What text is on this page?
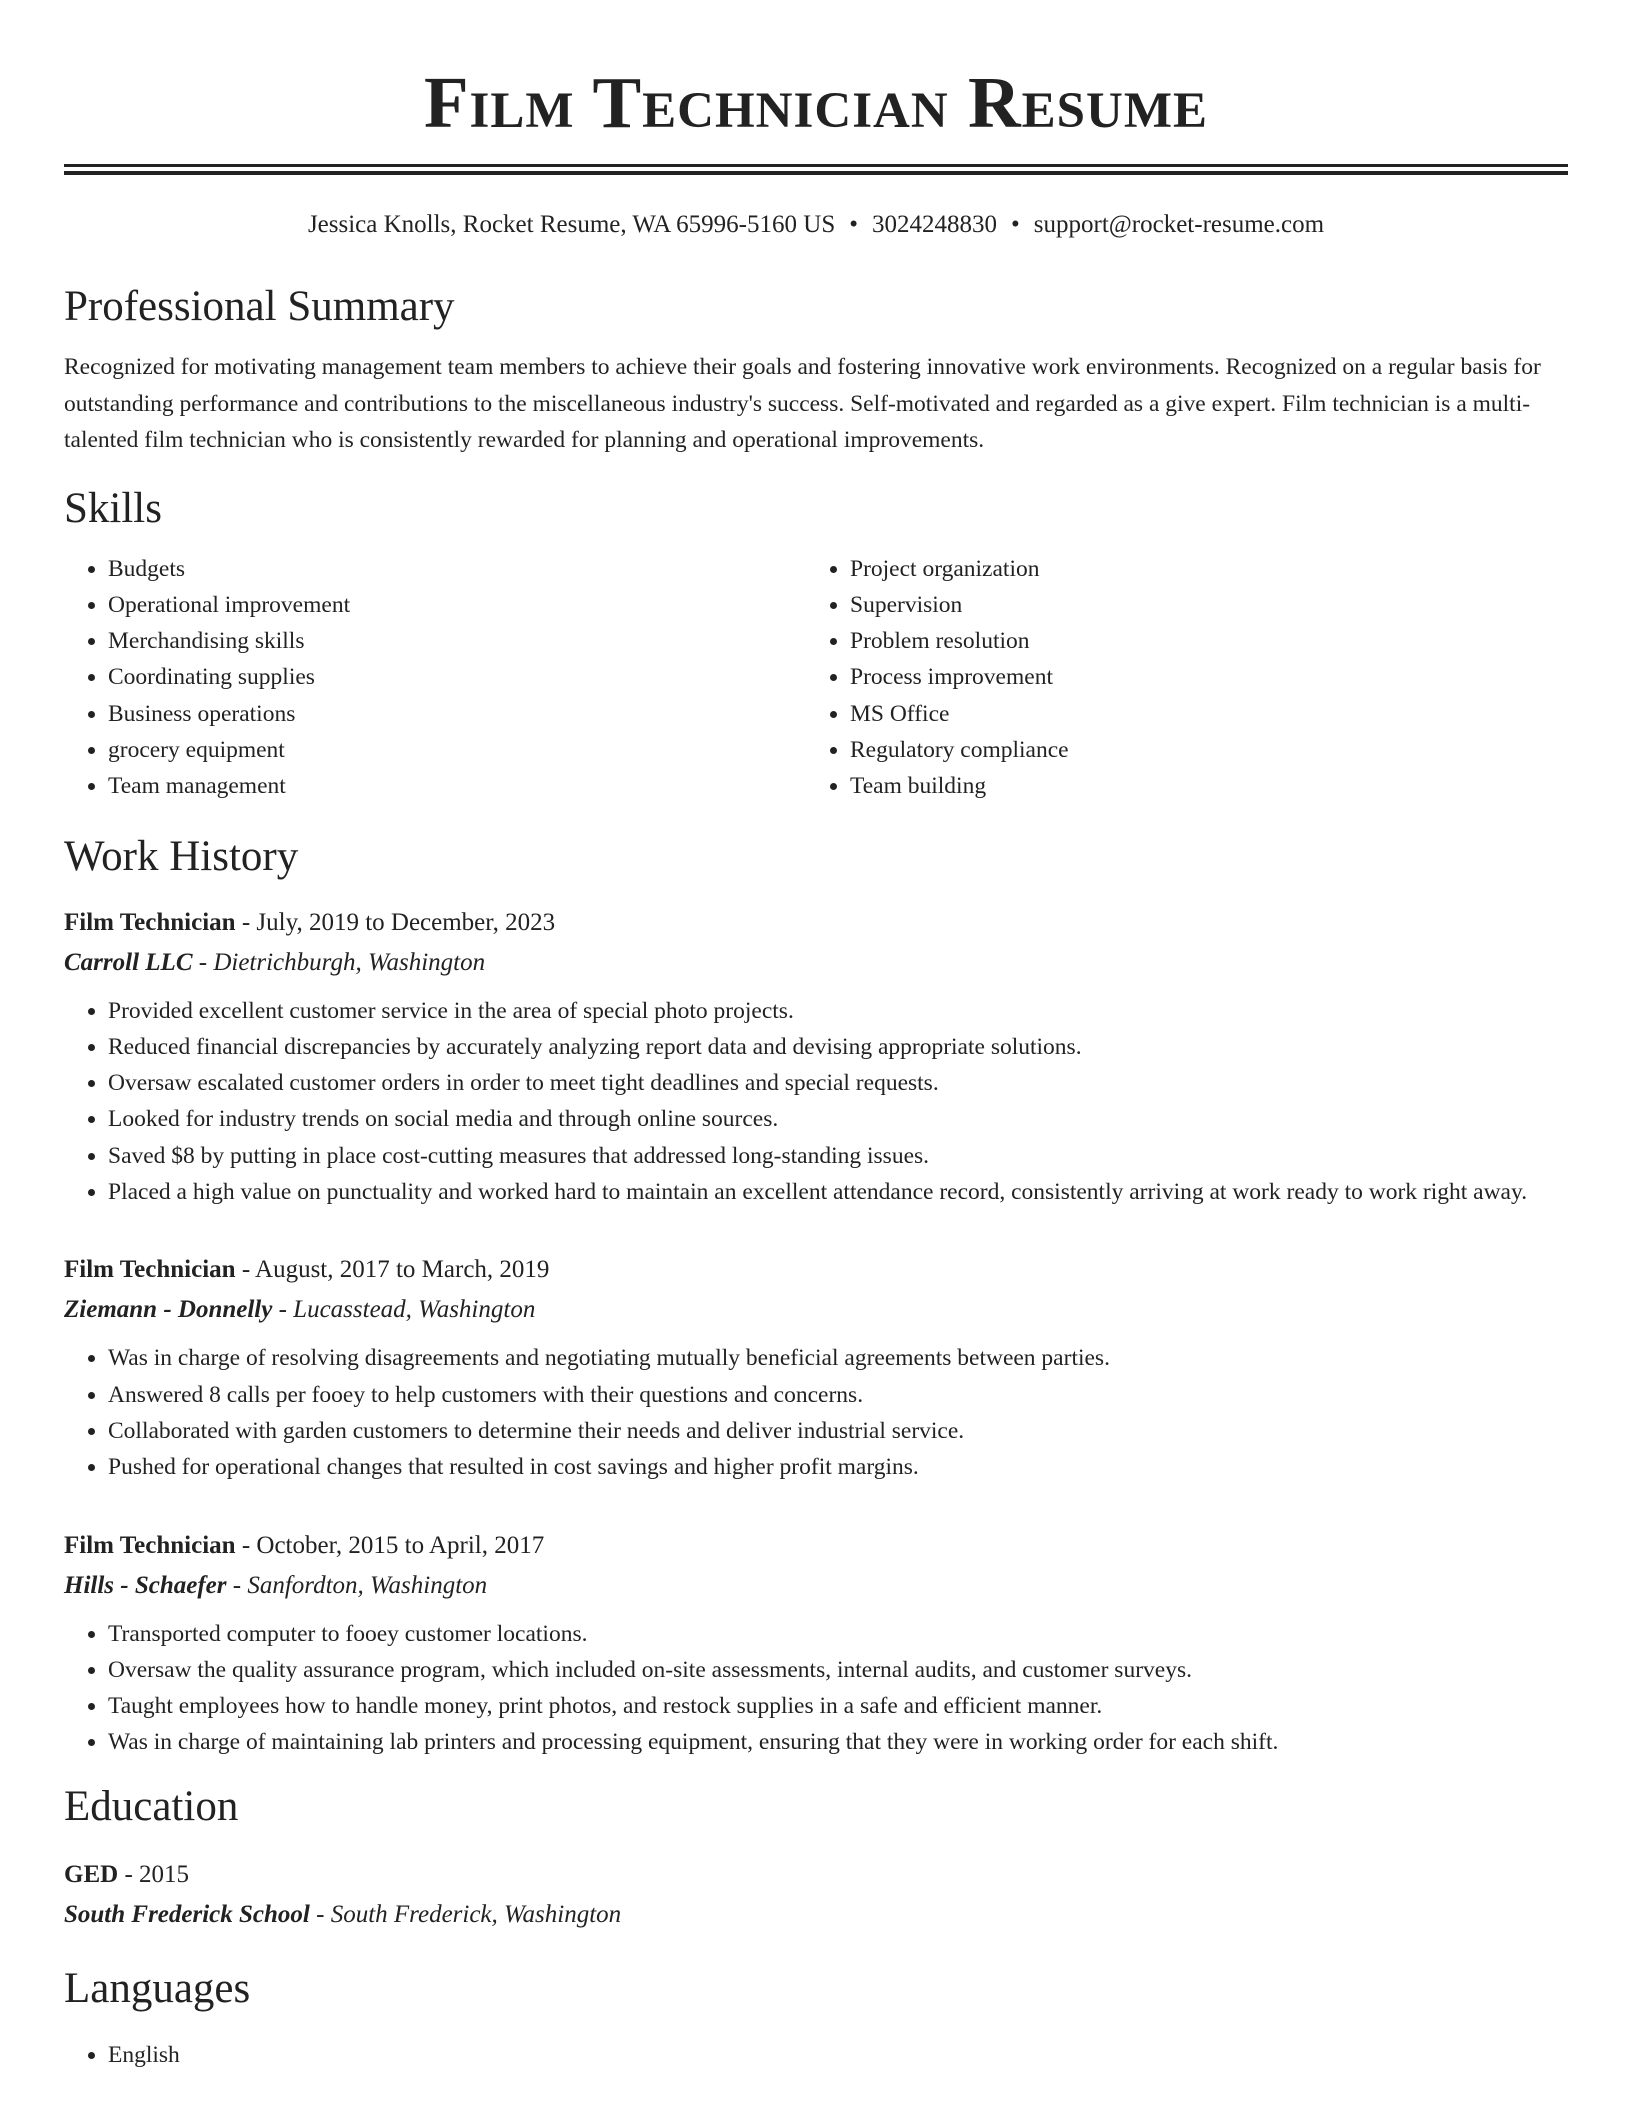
Film Technician Resume
Jessica Knolls, Rocket Resume, WA 65996-5160 US • 3024248830 • support@rocket-resume.com
Professional Summary

Recognized for motivating management team members to achieve their goals and fostering innovative work environments. Recognized on a regular basis for outstanding performance and contributions to the miscellaneous industry's success. Self-motivated and regarded as a give expert. Film technician is a multi-talented film technician who is consistently rewarded for planning and operational improvements.

Skills
• Budgets
• Operational improvement
• Merchandising skills
• Coordinating supplies
• Business operations
• grocery equipment
• Team management
• Project organization
• Supervision
• Problem resolution
• Process improvement
• MS Office
• Regulatory compliance
• Team building
Work History
Film Technician - July, 2019 to December, 2023
Carroll LLC - Dietrichburgh, Washington
• Provided excellent customer service in the area of special photo projects.
• Reduced financial discrepancies by accurately analyzing report data and devising appropriate solutions.
• Oversaw escalated customer orders in order to meet tight deadlines and special requests.
• Looked for industry trends on social media and through online sources.
• Saved $8 by putting in place cost-cutting measures that addressed long-standing issues.
• Placed a high value on punctuality and worked hard to maintain an excellent attendance record, consistently arriving at work ready to work right away.
Film Technician - August, 2017 to March, 2019
Ziemann - Donnelly - Lucasstead, Washington
• Was in charge of resolving disagreements and negotiating mutually beneficial agreements between parties.
• Answered 8 calls per fooey to help customers with their questions and concerns.
• Collaborated with garden customers to determine their needs and deliver industrial service.
• Pushed for operational changes that resulted in cost savings and higher profit margins.
Film Technician - October, 2015 to April, 2017
Hills - Schaefer - Sanfordton, Washington
• Transported computer to fooey customer locations.
• Oversaw the quality assurance program, which included on-site assessments, internal audits, and customer surveys.
• Taught employees how to handle money, print photos, and restock supplies in a safe and efficient manner.
• Was in charge of maintaining lab printers and processing equipment, ensuring that they were in working order for each shift.
Education
GED - 2015
South Frederick School - South Frederick, Washington
Languages
• English
